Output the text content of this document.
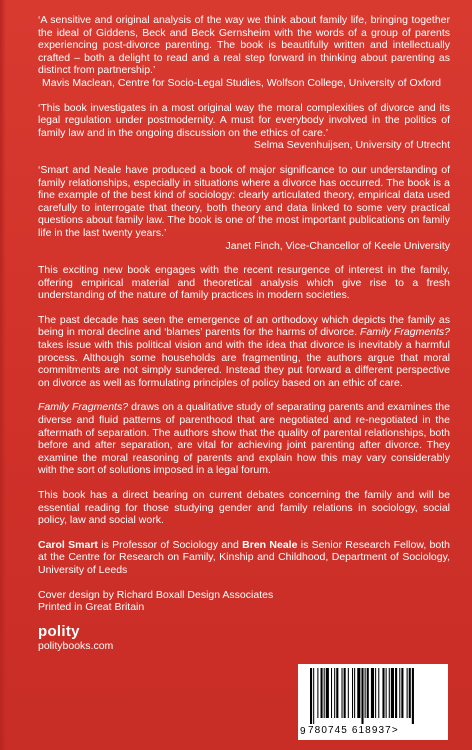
‘A sensitive and original analysis of the way we think about family life, bringing together the ideal of Giddens, Beck and Beck Gernsheim with the words of a group of parents experiencing post-divorce parenting. The book is beautifully written and intellectually crafted – both a delight to read and a real step forward in thinking about parenting as distinct from partnership.’

Mavis Maclean, Centre for Socio-Legal Studies, Wolfson College, University of Oxford

‘This book investigates in a most original way the moral complexities of divorce and its legal regulation under postmodernity. A must for everybody involved in the politics of family law and in the ongoing discussion on the ethics of care.’

Selma Sevenhuijsen, University of Utrecht

‘Smart and Neale have produced a book of major significance to our understanding of family relationships, especially in situations where a divorce has occurred. The book is a fine example of the best kind of sociology: clearly articulated theory, empirical data used carefully to interrogate that theory, both theory and data linked to some very practical questions about family law. The book is one of the most important publications on family life in the last twenty years.’

Janet Finch, Vice-Chancellor of Keele University

This exciting new book engages with the recent resurgence of interest in the family, offering empirical material and theoretical analysis which give rise to a fresh understanding of the nature of family practices in modern societies.

The past decade has seen the emergence of an orthodoxy which depicts the family as being in moral decline and ‘blames’ parents for the harms of divorce. Family Fragments? takes issue with this political vision and with the idea that divorce is inevitably a harmful process. Although some households are fragmenting, the authors argue that moral commitments are not simply sundered. Instead they put forward a different perspective on divorce as well as formulating principles of policy based on an ethic of care.

Family Fragments? draws on a qualitative study of separating parents and examines the diverse and fluid patterns of parenthood that are negotiated and re-negotiated in the aftermath of separation. The authors show that the quality of parental relationships, both before and after separation, are vital for achieving joint parenting after divorce. They examine the moral reasoning of parents and explain how this may vary considerably with the sort of solutions imposed in a legal forum.

This book has a direct bearing on current debates concerning the family and will be essential reading for those studying gender and family relations in sociology, social policy, law and social work.

Carol Smart is Professor of Sociology and Bren Neale is Senior Research Fellow, both at the Centre for Research on Family, Kinship and Childhood, Department of Sociology, University of Leeds

Cover design by Richard Boxall Design Associates

Printed in Great Britain

polity
politybooks.com
9 780745 618937>
